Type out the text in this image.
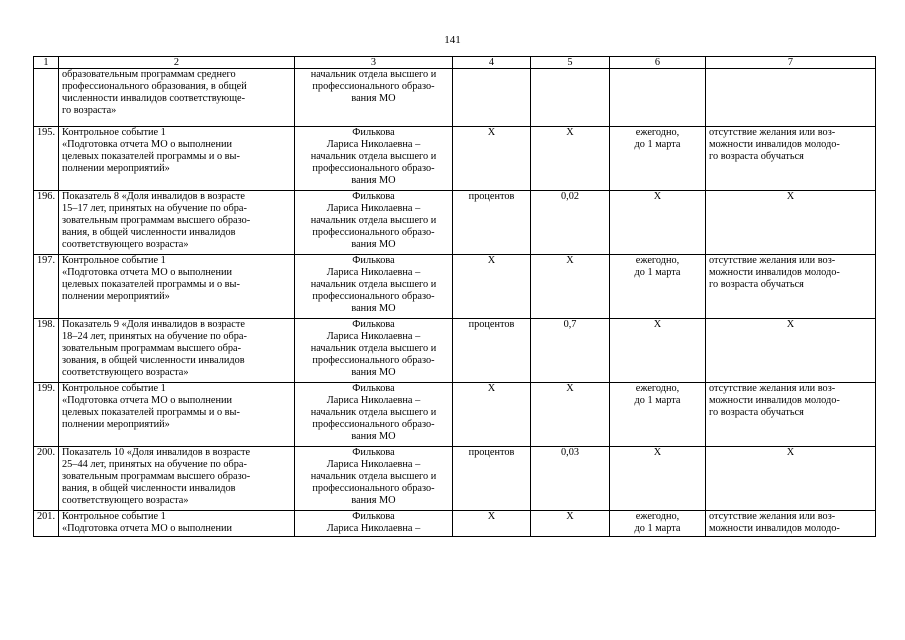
141
1	2	3	4	5	6	7

	образовательным программам среднего
профессионального образования, в общей
численности инвалидов соответствующе-
го возраста»	начальник отдела высшего и
профессионального образо-
вания МО				

195.	Контрольное событие 1
«Подготовка отчета МО о выполнении
целевых показателей программы и о вы-
полнении мероприятий»	Филькова
Лариса Николаевна –
начальник отдела высшего и
профессионального образо-
вания МО	Х	Х	ежегодно,
до 1 марта	отсутствие желания или воз-
можности инвалидов молодо-
го возраста обучаться

196.	Показатель 8 «Доля инвалидов в возрасте
15–17 лет, принятых на обучение по обра-
зовательным программам высшего образо-
вания, в общей численности инвалидов
соответствующего возраста»	Филькова
Лариса Николаевна –
начальник отдела высшего и
профессионального образо-
вания МО	процентов	0,02	Х	Х

197.	Контрольное событие 1
«Подготовка отчета МО о выполнении
целевых показателей программы и о вы-
полнении мероприятий»	Филькова
Лариса Николаевна –
начальник отдела высшего и
профессионального образо-
вания МО	Х	Х	ежегодно,
до 1 марта	отсутствие желания или воз-
можности инвалидов молодо-
го возраста обучаться

198.	Показатель 9 «Доля инвалидов в возрасте
18–24 лет, принятых на обучение по обра-
зовательным программам высшего обра-
зования, в общей численности инвалидов
соответствующего возраста»	Филькова
Лариса Николаевна –
начальник отдела высшего и
профессионального образо-
вания МО	процентов	0,7	Х	Х

199.	Контрольное событие 1
«Подготовка отчета МО о выполнении
целевых показателей программы и о вы-
полнении мероприятий»	Филькова
Лариса Николаевна –
начальник отдела высшего и
профессионального образо-
вания МО	Х	Х	ежегодно,
до 1 марта	отсутствие желания или воз-
можности инвалидов молодо-
го возраста обучаться

200.	Показатель 10 «Доля инвалидов в возрасте
25–44 лет, принятых на обучение по обра-
зовательным программам высшего образо-
вания, в общей численности инвалидов
соответствующего возраста»	Филькова
Лариса Николаевна –
начальник отдела высшего и
профессионального образо-
вания МО	процентов	0,03	Х	Х

201.	Контрольное событие 1
«Подготовка отчета МО о выполнении	Филькова
Лариса Николаевна –	Х	Х	ежегодно,
до 1 марта	отсутствие желания или воз-
можности инвалидов молодо-
